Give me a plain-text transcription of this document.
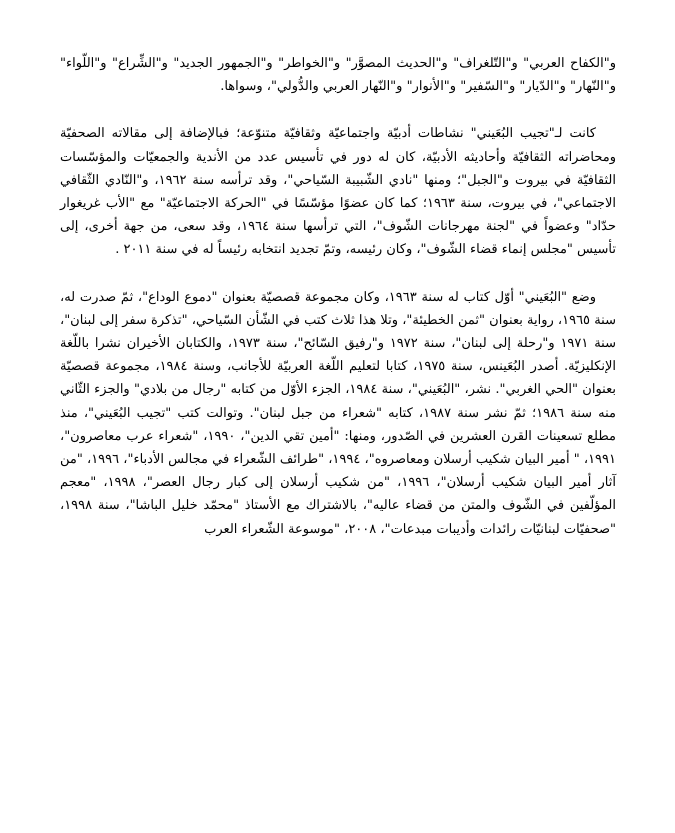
و"الكفاح العربي" و"التّلغراف" و"الحديث المصوَّر" و"الخواطر" و"الجمهور الجديد" و"الشِّراع" و"اللّواء" و"النّهار" و"الدّيار" و"السّفير" و"الأنوار" و"النّهار العربي والدُّولي"، وسواها.

كانت لـ"تجيب البُعَيني" نشاطات أدبيّة واجتماعيّة وثقافيّة متنوّعة؛ فبالإضافة إلى مقالاته الصحفيّة ومحاضراته الثقافيّة وأحاديثه الأدبيّة، كان له دور في تأسيس عدد من الأندية والجمعيّات والمؤسّسات الثقافيّة في بيروت و"الجبل"؛ ومنها "نادي الشّبيبة السّياحي"، وقد ترأسه سنة ١٩٦٢، و"النّادي الثّقافي الاجتماعي"، في بيروت، سنة ١٩٦٣؛ كما كان عضوًا مؤسّسًا في "الحركة الاجتماعيّة" مع "الأب غريغوار حدّاد" وعضواً في "لجنة مهرجانات الشّوف"، التي ترأسها سنة ١٩٦٤، وقد سعى، من جهة أخرى، إلى تأسيس "مجلس إنماء قضاء الشّوف"، وكان رئيسه، وتمّ تجديد انتخابه رئيساً له في سنة ٢٠١١ .

وضع "البُعَيني" أوّل كتاب له سنة ١٩٦٣، وكان مجموعة قصصيّة بعنوان "دموع الوداع"، ثمّ صدرت له، سنة ١٩٦٥، رواية بعنوان "ثمن الخطيئة"، وتلا هذا ثلاث كتب في الشّأن السّياحي، "تذكرة سفر إلى لبنان"، سنة ١٩٧١ و"رحلة إلى لبنان"، سنة ١٩٧٢ و"رفيق السّائح"، سنة ١٩٧٣، والكتابان الأخيران نشرا باللّغة الإنكليزيّة. أصدر البُعَينس، سنة ١٩٧٥، كتابا لتعليم اللّغة العربيّة للأجانب، وسنة ١٩٨٤، مجموعة قصصيّة بعنوان "الحي الغربي". نشر، "البُعَيني"، سنة ١٩٨٤، الجزء الأوّل من كتابه "رجال من بلادي" والجزء الثّاني منه سنة ١٩٨٦؛ ثمّ نشر سنة ١٩٨٧، كتابه "شعراء من جبل لبنان". وتوالت كتب "تجيب البُعَيني"، منذ مطلع تسعينات القرن العشرين في الصّدور، ومنها: "أمين تقي الدين"، ١٩٩٠، "شعراء عرب معاصرون"، ١٩٩١، " أمير البيان شكيب أرسلان ومعاصروه"، ١٩٩٤، "طرائف الشّعراء في مجالس الأدباء"، ١٩٩٦، "من آثار أمير البيان شكيب أرسلان"، ١٩٩٦، "من شكيب أرسلان إلى كبار رجال العصر"، ١٩٩٨، "معجم المؤلّفين في الشّوف والمتن من قضاء عاليه"، بالاشتراك مع الأستاذ "محمّد خليل الباشا"، سنة ١٩٩٨، "صحفيّات لبنانيّات رائدات وأديبات مبدعات"، ٢٠٠٨، "موسوعة الشّعراء العرب
